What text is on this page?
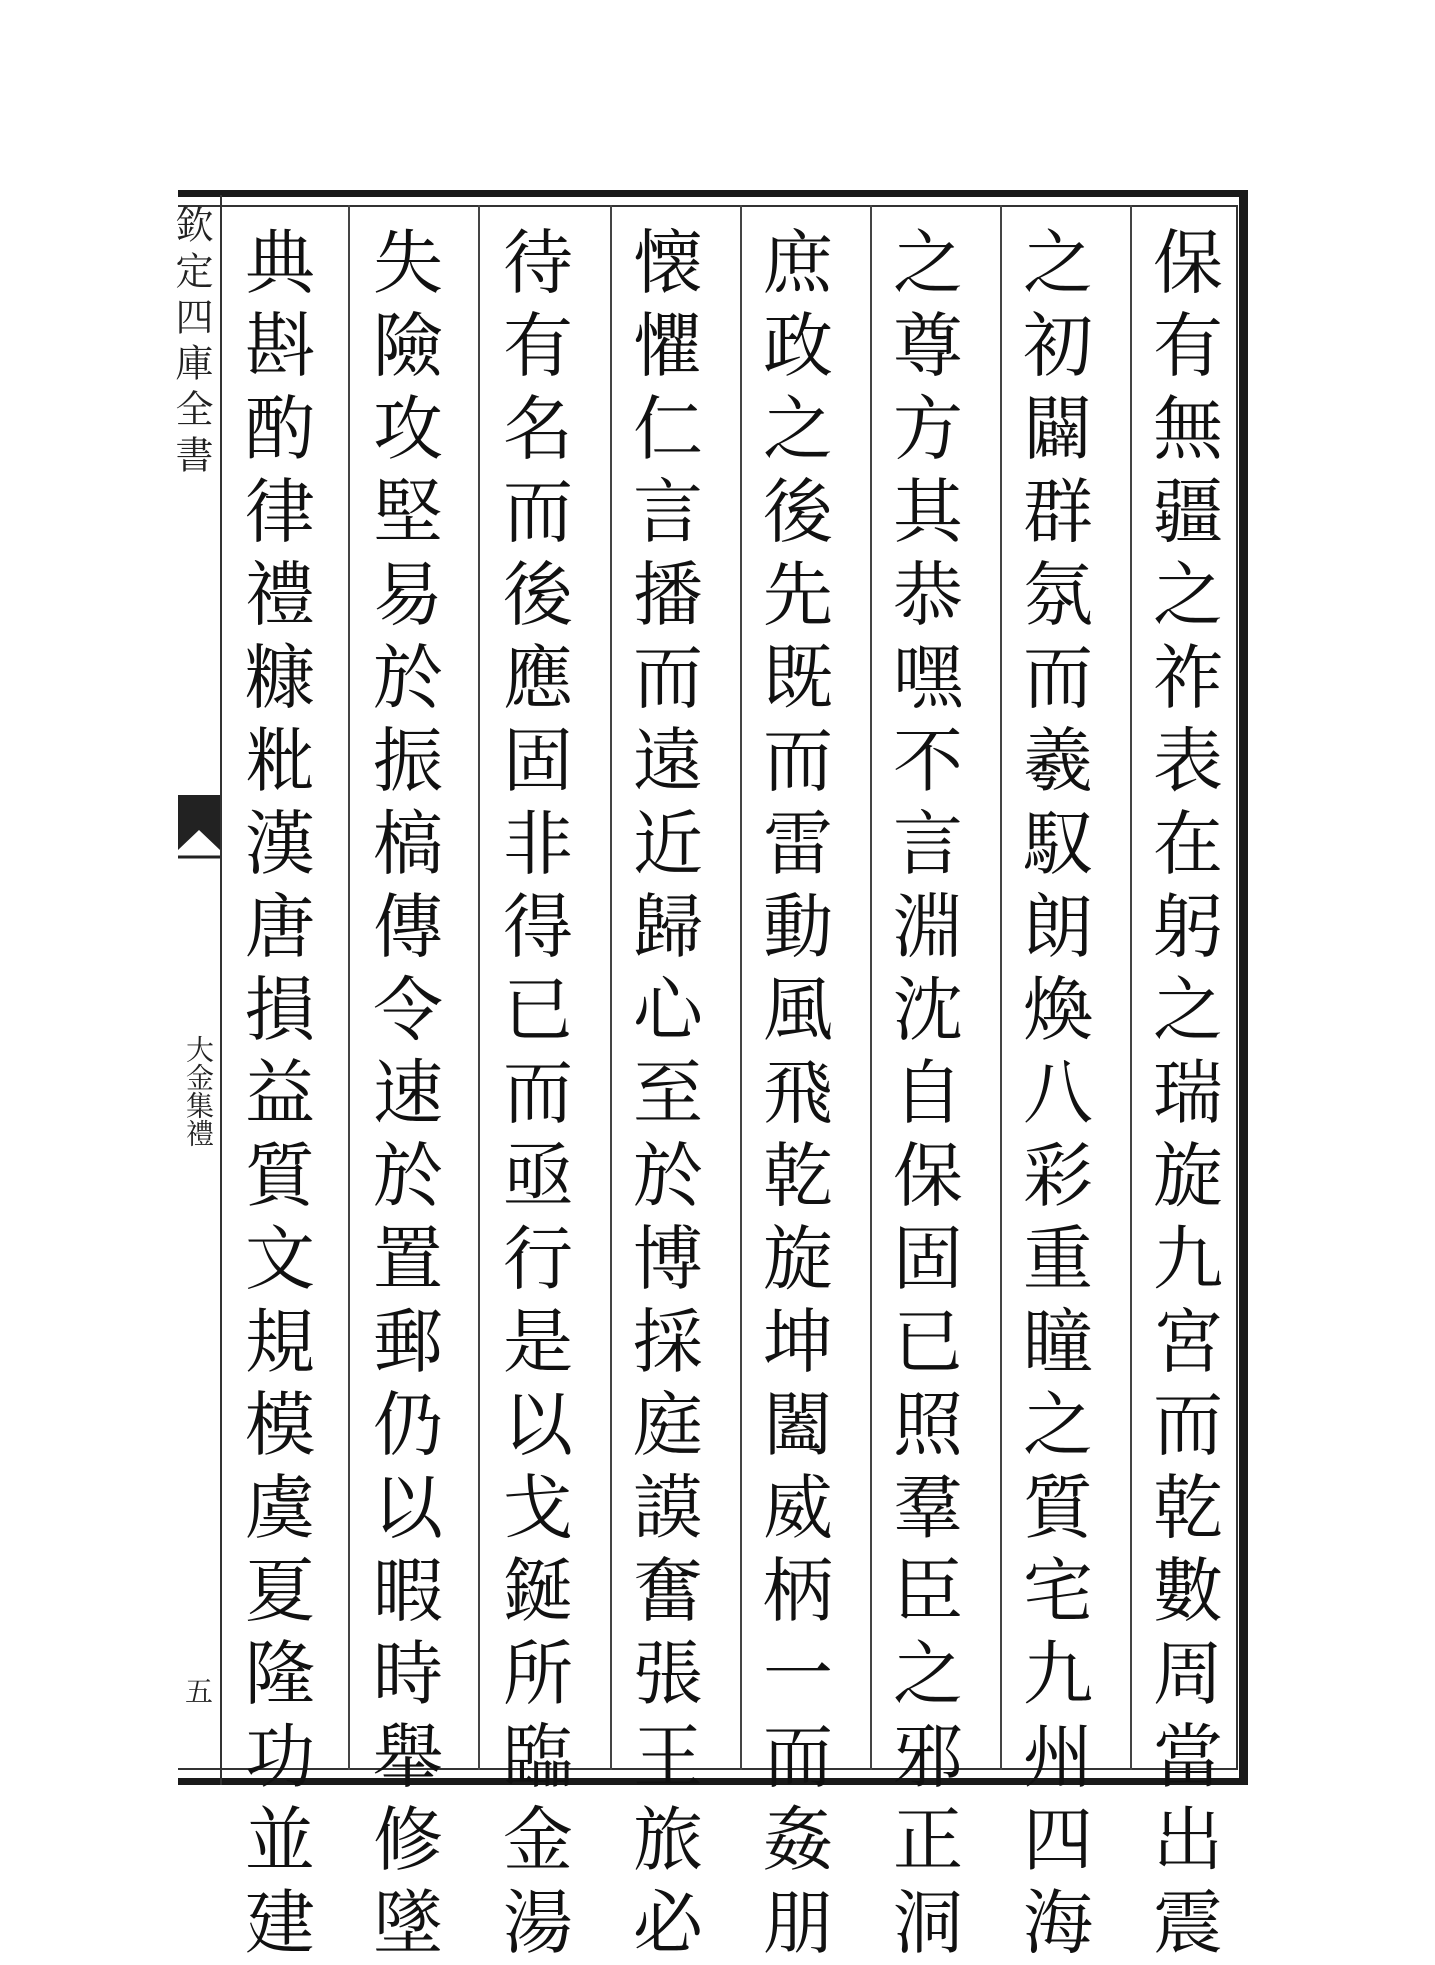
欽定四庫全書
大金集禮
五
保
有
無
疆
之
祚
表
在
躬
之
瑞
旋
九
宮
而
乾
數
周
當
出
震
之
初
闢
群
氛
而
羲
馭
朗
煥
八
彩
重
瞳
之
質
宅
九
州
四
海
之
尊
方
其
恭
嘿
不
言
淵
沈
自
保
固
已
照
羣
臣
之
邪
正
洞
庶
政
之
後
先
既
而
雷
動
風
飛
乾
旋
坤
闔
威
柄
一
而
姦
朋
懐
懼
仁
言
播
而
遠
近
歸
心
至
於
博
採
庭
謨
奮
張
王
旅
必
待
有
名
而
後
應
固
非
得
已
而
亟
行
是
以
戈
鋋
所
臨
金
湯
失
險
攻
堅
易
於
振
槁
傳
令
速
於
置
郵
仍
以
暇
時
舉
修
墜
典
斟
酌
律
禮
糠
粃
漢
唐
損
益
質
文
規
模
虞
夏
隆
功
並
建
